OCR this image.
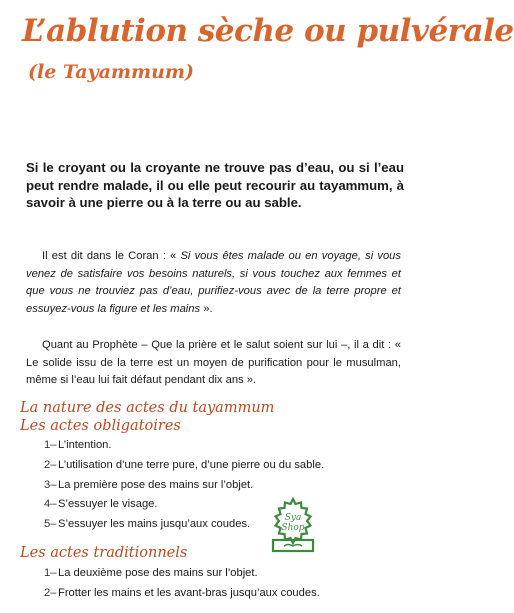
L’ablution sèche ou pulvérale
(le Tayammum)

Si le croyant ou la croyante ne trouve pas d’eau, ou si l’eau peut rendre malade, il ou elle peut recourir au tayammum, à savoir à une pierre ou à la terre ou au sable.

Il est dit dans le Coran : « Si vous êtes malade ou en voyage, si vous venez de satisfaire vos besoins naturels, si vous touchez aux femmes et que vous ne trouviez pas d’eau, purifiez-vous avec de la terre propre et essuyez-vous la figure et les mains ».

Quant au Prophète – Que la prière et le salut soient sur lui –, il a dit : « Le solide issu de la terre est un moyen de purification pour le musulman, même si l’eau lui fait défaut pendant dix ans ».

La nature des actes du tayammum
Les actes obligatoires
1– L’intention.
2– L’utilisation d’une terre pure, d’une pierre ou du sable.
3– La première pose des mains sur l’objet.
4– S’essuyer le visage.
5– S’essuyer les mains jusqu’aux coudes.
Sya
Shop
Les actes traditionnels
1– La deuxième pose des mains sur l’objet.
2– Frotter les mains et les avant-bras jusqu’aux coudes.
